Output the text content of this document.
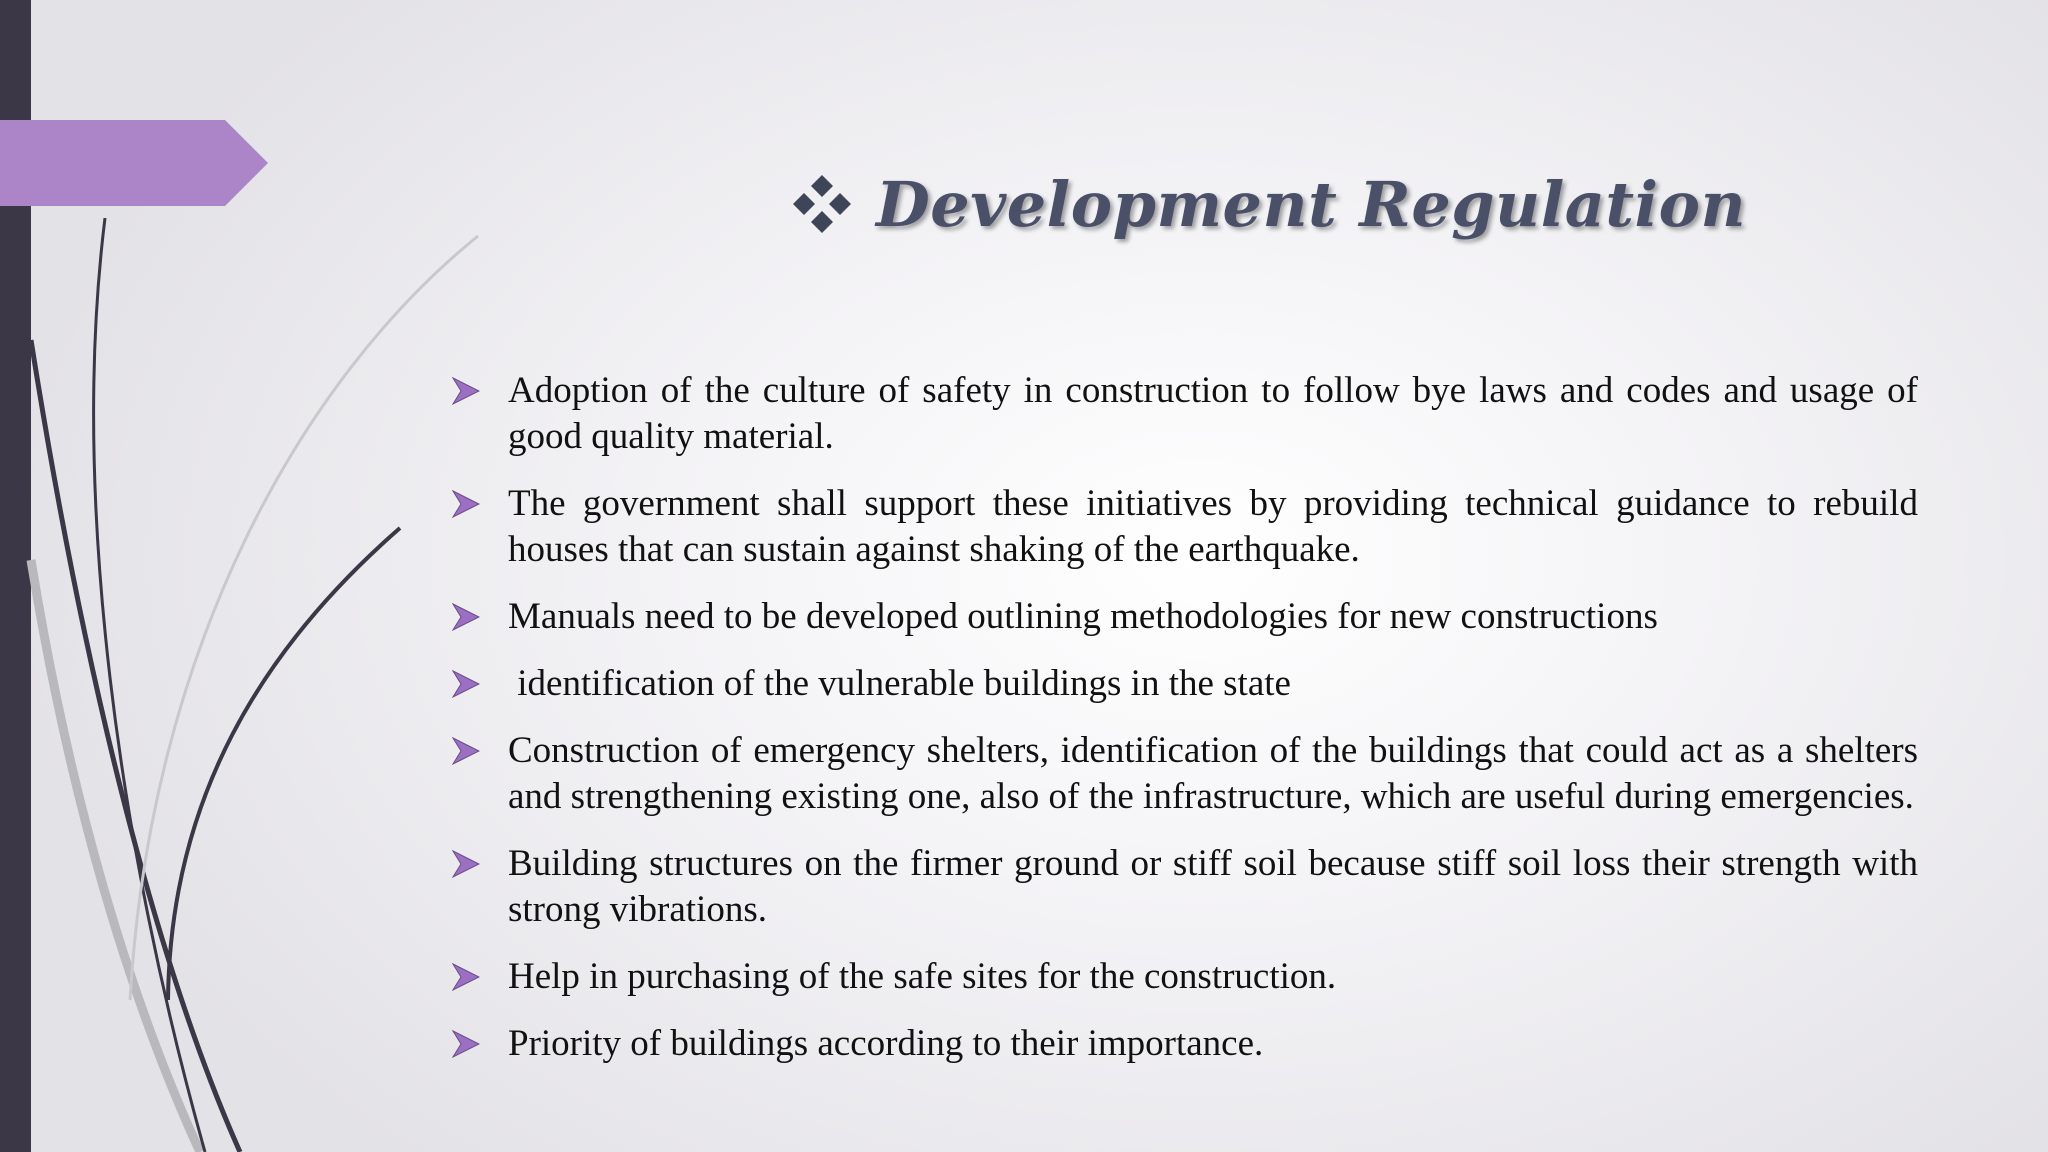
Development Regulation
Adoption of the culture of safety in construction to follow bye laws and codes and usage of good quality material.
The government shall support these initiatives by providing technical guidance to rebuild houses that can sustain against shaking of the earthquake.
Manuals need to be developed outlining methodologies for new constructions
identification of the vulnerable buildings in the state
Construction of emergency shelters, identification of the buildings that could act as a shelters and strengthening existing one, also of the infrastructure, which are useful during emergencies.
Building structures on the firmer ground or stiff soil because stiff soil loss their strength with strong vibrations.
Help in purchasing of the safe sites for the construction.
Priority of buildings according to their importance.
